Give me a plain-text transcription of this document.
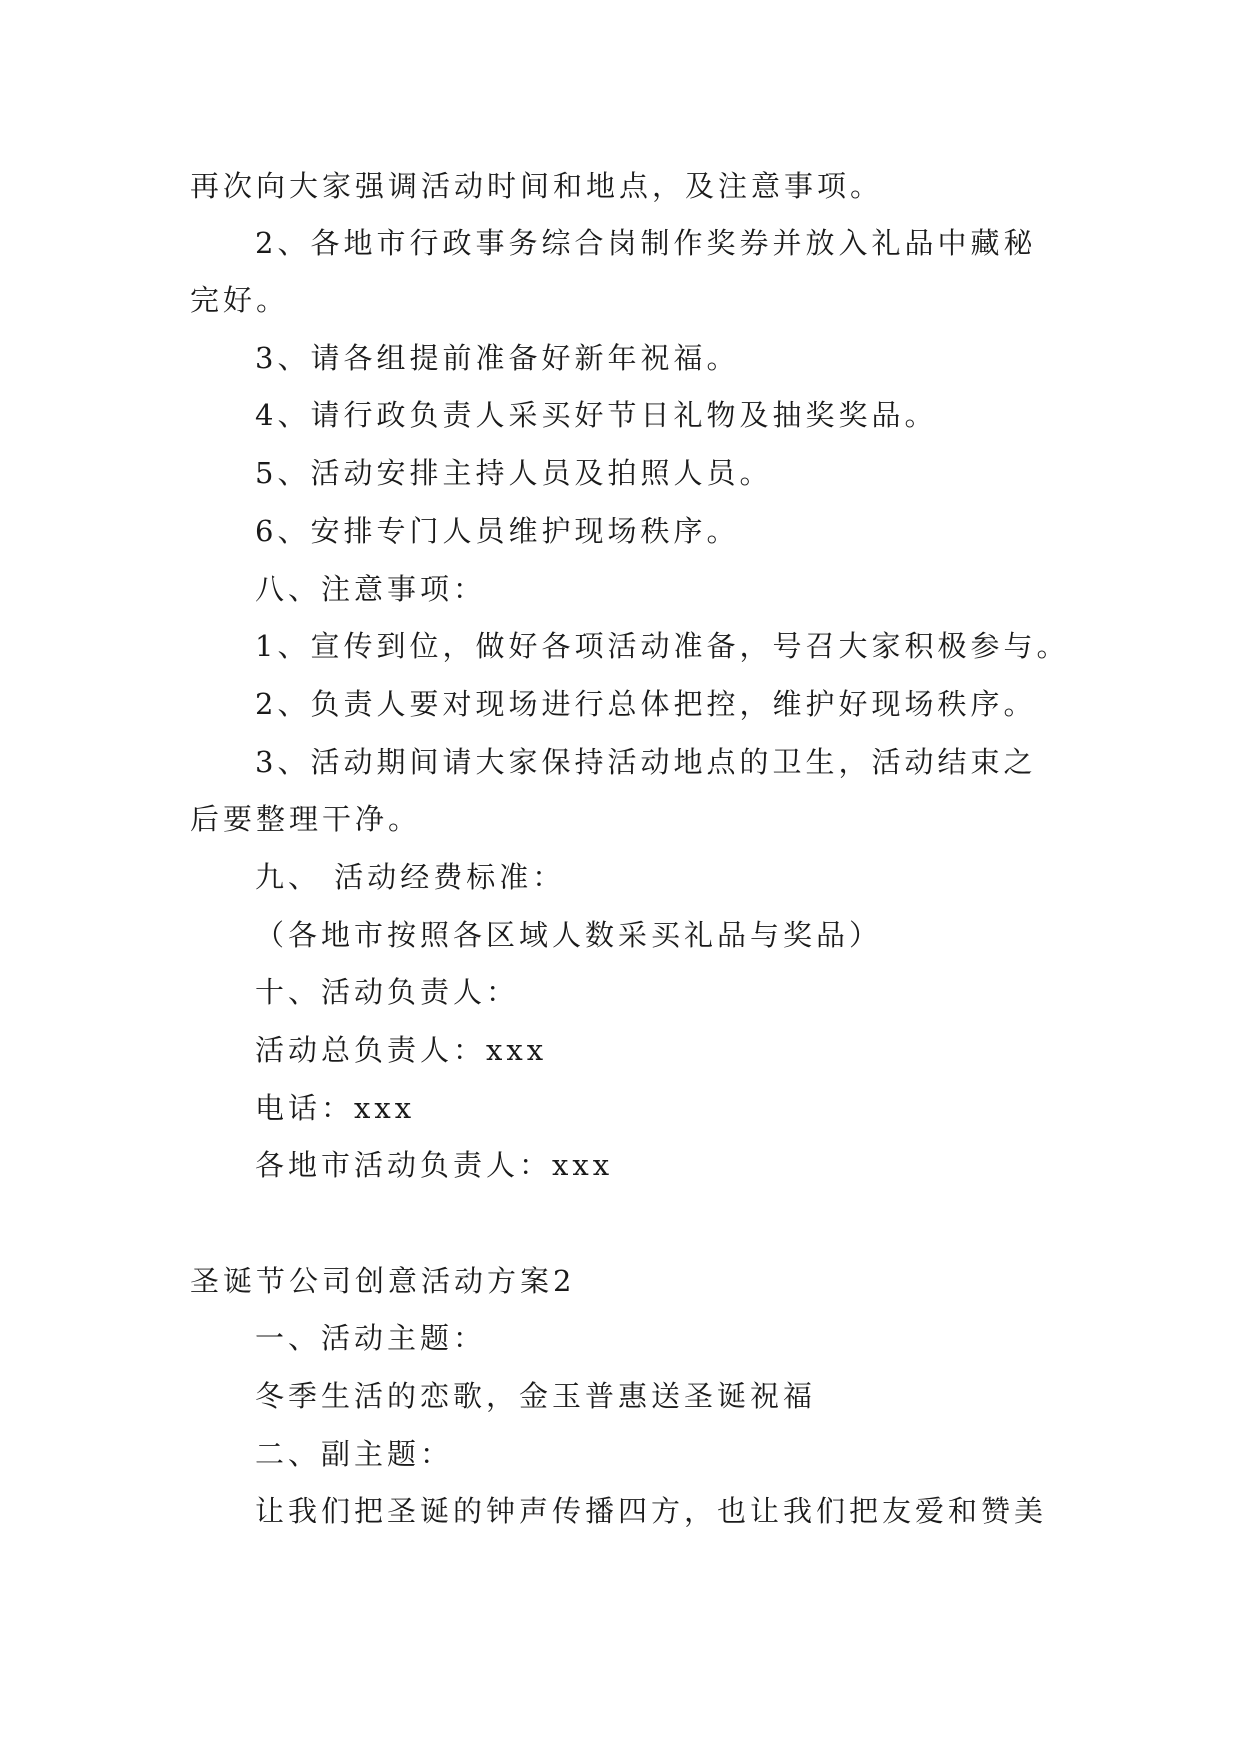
再次向大家强调活动时间和地点，及注意事项。
2、各地市行政事务综合岗制作奖券并放入礼品中藏秘
完好。
3、请各组提前准备好新年祝福。
4、请行政负责人采买好节日礼物及抽奖奖品。
5、活动安排主持人员及拍照人员。
6、安排专门人员维护现场秩序。
八、注意事项：
1、宣传到位，做好各项活动准备，号召大家积极参与。
2、负责人要对现场进行总体把控，维护好现场秩序。
3、活动期间请大家保持活动地点的卫生，活动结束之
后要整理干净。
九、 活动经费标准：
（各地市按照各区域人数采买礼品与奖品）
十、活动负责人：
活动总负责人：xxx
电话：xxx
各地市活动负责人：xxx
圣诞节公司创意活动方案2
一、活动主题：
冬季生活的恋歌，金玉普惠送圣诞祝福
二、副主题：
让我们把圣诞的钟声传播四方，也让我们把友爱和赞美
